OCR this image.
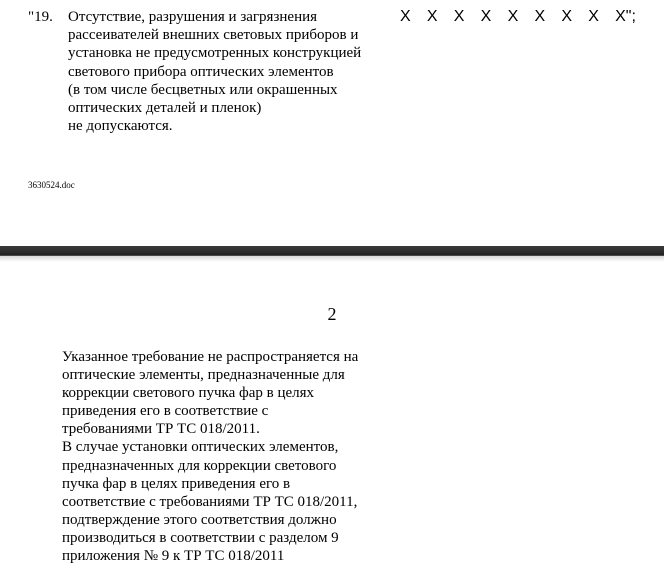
"19. Отсутствие, разрушения и загрязнения
рассеивателей внешних световых приборов и
установка не предусмотренных конструкцией
светового прибора оптических элементов
(в том числе бесцветных или окрашенных
оптических деталей и пленок)
не допускаются.
X	X	X	X	X	X	X	X	X";
3630524.doc
2
Указанное требование не распространяется на
оптические элементы, предназначенные для
коррекции светового пучка фар в целях
приведения его в соответствие с
требованиями ТР ТС 018/2011.
В случае установки оптических элементов,
предназначенных для коррекции светового
пучка фар в целях приведения его в
соответствие с требованиями ТР ТС 018/2011,
подтверждение этого соответствия должно
производиться в соответствии с разделом 9
приложения № 9 к ТР ТС 018/2011
